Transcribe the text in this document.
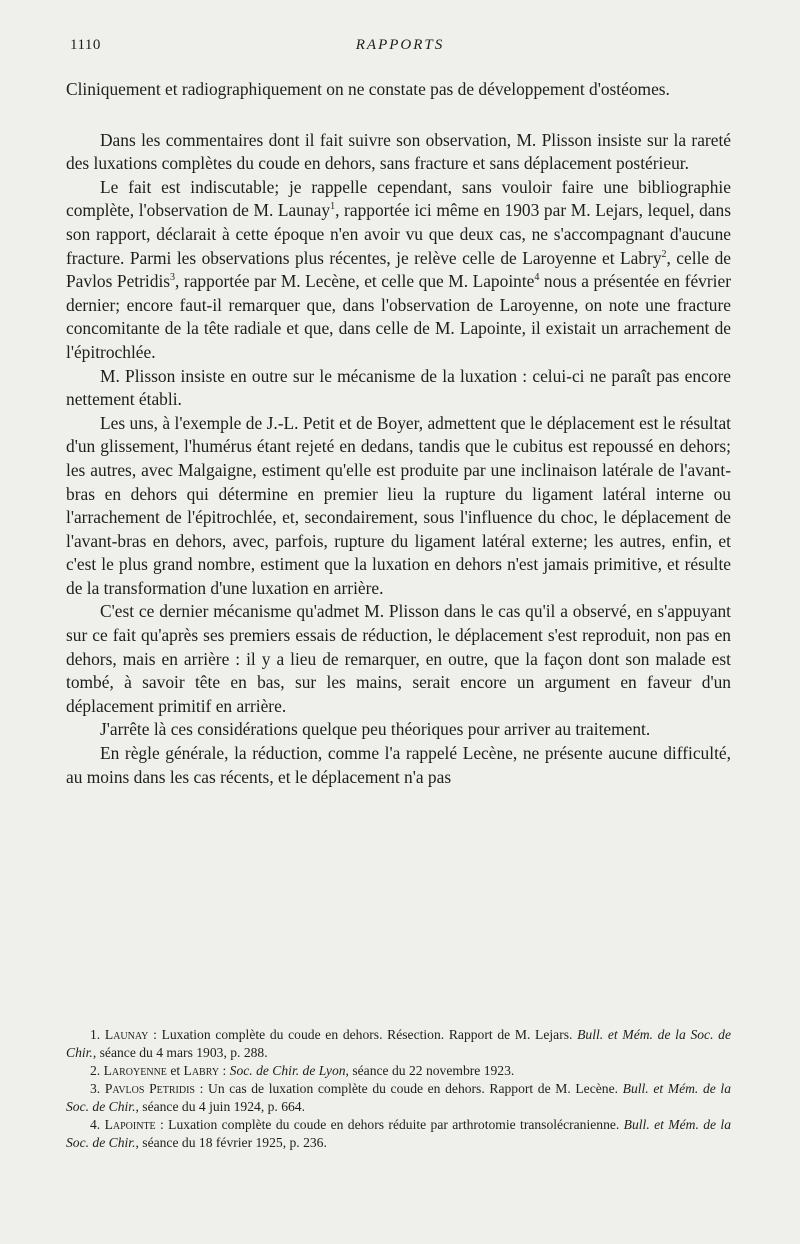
1110	RAPPORTS

Cliniquement et radiographiquement on ne constate pas de développement d'ostéomes.

Dans les commentaires dont il fait suivre son observation, M. Plisson insiste sur la rareté des luxations complètes du coude en dehors, sans fracture et sans déplacement postérieur.

Le fait est indiscutable; je rappelle cependant, sans vouloir faire une bibliographie complète, l'observation de M. Launay$^1$, rapportée ici même en 1903 par M. Lejars, lequel, dans son rapport, déclarait à cette époque n'en avoir vu que deux cas, ne s'accompagnant d'aucune fracture. Parmi les observations plus récentes, je relève celle de Laroyenne et Labry$^2$, celle de Pavlos Petridis$^3$, rapportée par M. Lecène, et celle que M. Lapointe$^4$ nous a présentée en février dernier; encore faut-il remarquer que, dans l'observation de Laroyenne, on note une fracture concomitante de la tête radiale et que, dans celle de M. Lapointe, il existait un arrachement de l'épitrochlée.

M. Plisson insiste en outre sur le mécanisme de la luxation : celui-ci ne paraît pas encore nettement établi.

Les uns, à l'exemple de J.-L. Petit et de Boyer, admettent que le déplacement est le résultat d'un glissement, l'humérus étant rejeté en dedans, tandis que le cubitus est repoussé en dehors; les autres, avec Malgaigne, estiment qu'elle est produite par une inclinaison latérale de l'avant-bras en dehors qui détermine en premier lieu la rupture du ligament latéral interne ou l'arrachement de l'épitrochlée, et, secondairement, sous l'influence du choc, le déplacement de l'avant-bras en dehors, avec, parfois, rupture du ligament latéral externe; les autres, enfin, et c'est le plus grand nombre, estiment que la luxation en dehors n'est jamais primitive, et résulte de la transformation d'une luxation en arrière.

C'est ce dernier mécanisme qu'admet M. Plisson dans le cas qu'il a observé, en s'appuyant sur ce fait qu'après ses premiers essais de réduction, le déplacement s'est reproduit, non pas en dehors, mais en arrière : il y a lieu de remarquer, en outre, que la façon dont son malade est tombé, à savoir tête en bas, sur les mains, serait encore un argument en faveur d'un déplacement primitif en arrière.

J'arrête là ces considérations quelque peu théoriques pour arriver au traitement.

En règle générale, la réduction, comme l'a rappelé Lecène, ne présente aucune difficulté, au moins dans les cas récents, et le déplacement n'a pas

1. Launay : Luxation complète du coude en dehors. Résection. Rapport de M. Lejars. Bull. et Mém. de la Soc. de Chir., séance du 4 mars 1903, p. 288.

2. Laroyenne et Labry : Soc. de Chir. de Lyon, séance du 22 novembre 1923.

3. Pavlos Petridis : Un cas de luxation complète du coude en dehors. Rapport de M. Lecène. Bull. et Mém. de la Soc. de Chir., séance du 4 juin 1924, p. 664.

4. Lapointe : Luxation complète du coude en dehors réduite par arthrotomie transolécranienne. Bull. et Mém. de la Soc. de Chir., séance du 18 février 1925, p. 236.
